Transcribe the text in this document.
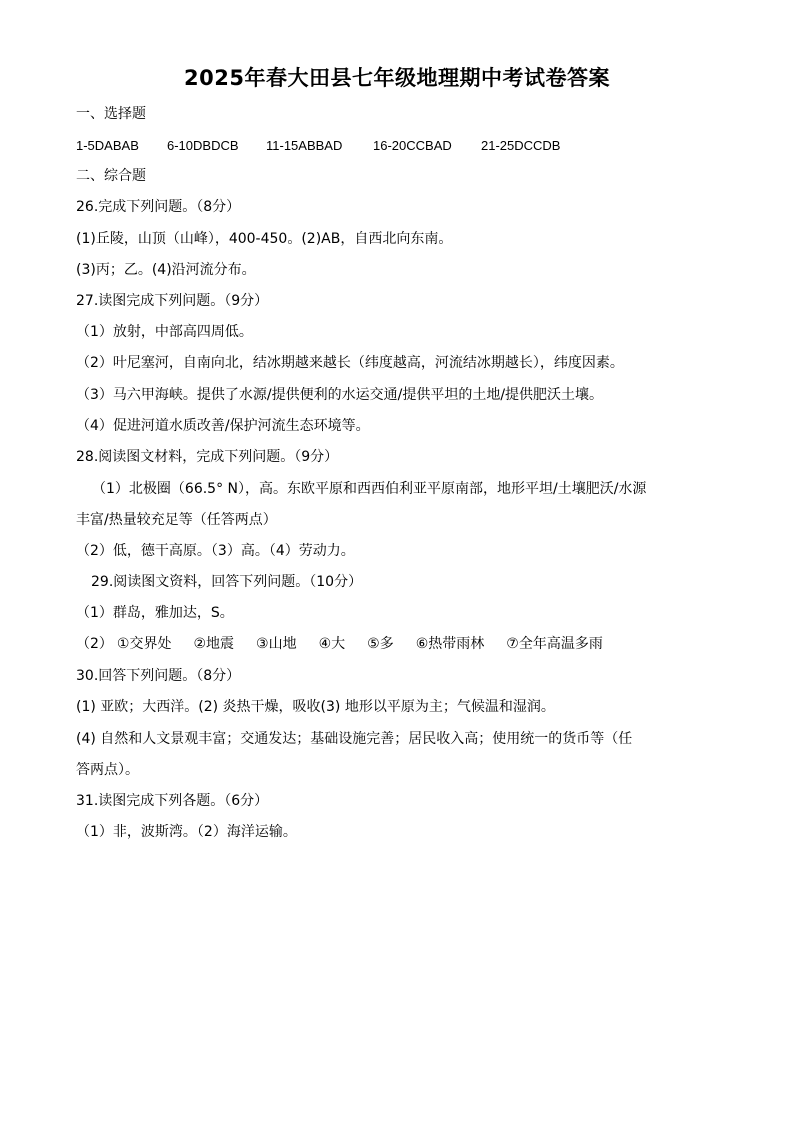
2025年春大田县七年级地理期中考试卷答案
一、选择题
1-5DABAB 6-10DBDCB 11-15ABBAD 16-20CCBAD 21-25DCCDB
二、综合题
26.完成下列问题。（8分）
(1)丘陵，山顶（山峰），400-450。(2)AB，自西北向东南。
(3)丙；乙。(4)沿河流分布。
27.读图完成下列问题。（9分）
（1）放射，中部高四周低。
（2）叶尼塞河，自南向北，结冰期越来越长（纬度越高，河流结冰期越长），纬度因素。
（3）马六甲海峡。提供了水源/提供便利的水运交通/提供平坦的土地/提供肥沃土壤。
（4）促进河道水质改善/保护河流生态环境等。
28.阅读图文材料，完成下列问题。（9分）
（1）北极圈（66.5° N），高。东欧平原和西西伯利亚平原南部，地形平坦/土壤肥沃/水源
丰富/热量较充足等（任答两点）
（2）低，德干高原。（3）高。（4）劳动力。
29.阅读图文资料，回答下列问题。（10分）
（1）群岛，雅加达，S。
（2） ①交界处 ②地震 ③山地 ④大 ⑤多 ⑥热带雨林 ⑦全年高温多雨
30.回答下列问题。（8分）
(1) 亚欧；大西洋。(2) 炎热干燥，吸收(3) 地形以平原为主；气候温和湿润。
(4) 自然和人文景观丰富；交通发达；基础设施完善；居民收入高；使用统一的货币等（任
答两点）。
31.读图完成下列各题。（6分）
（1）非，波斯湾。（2）海洋运输。
